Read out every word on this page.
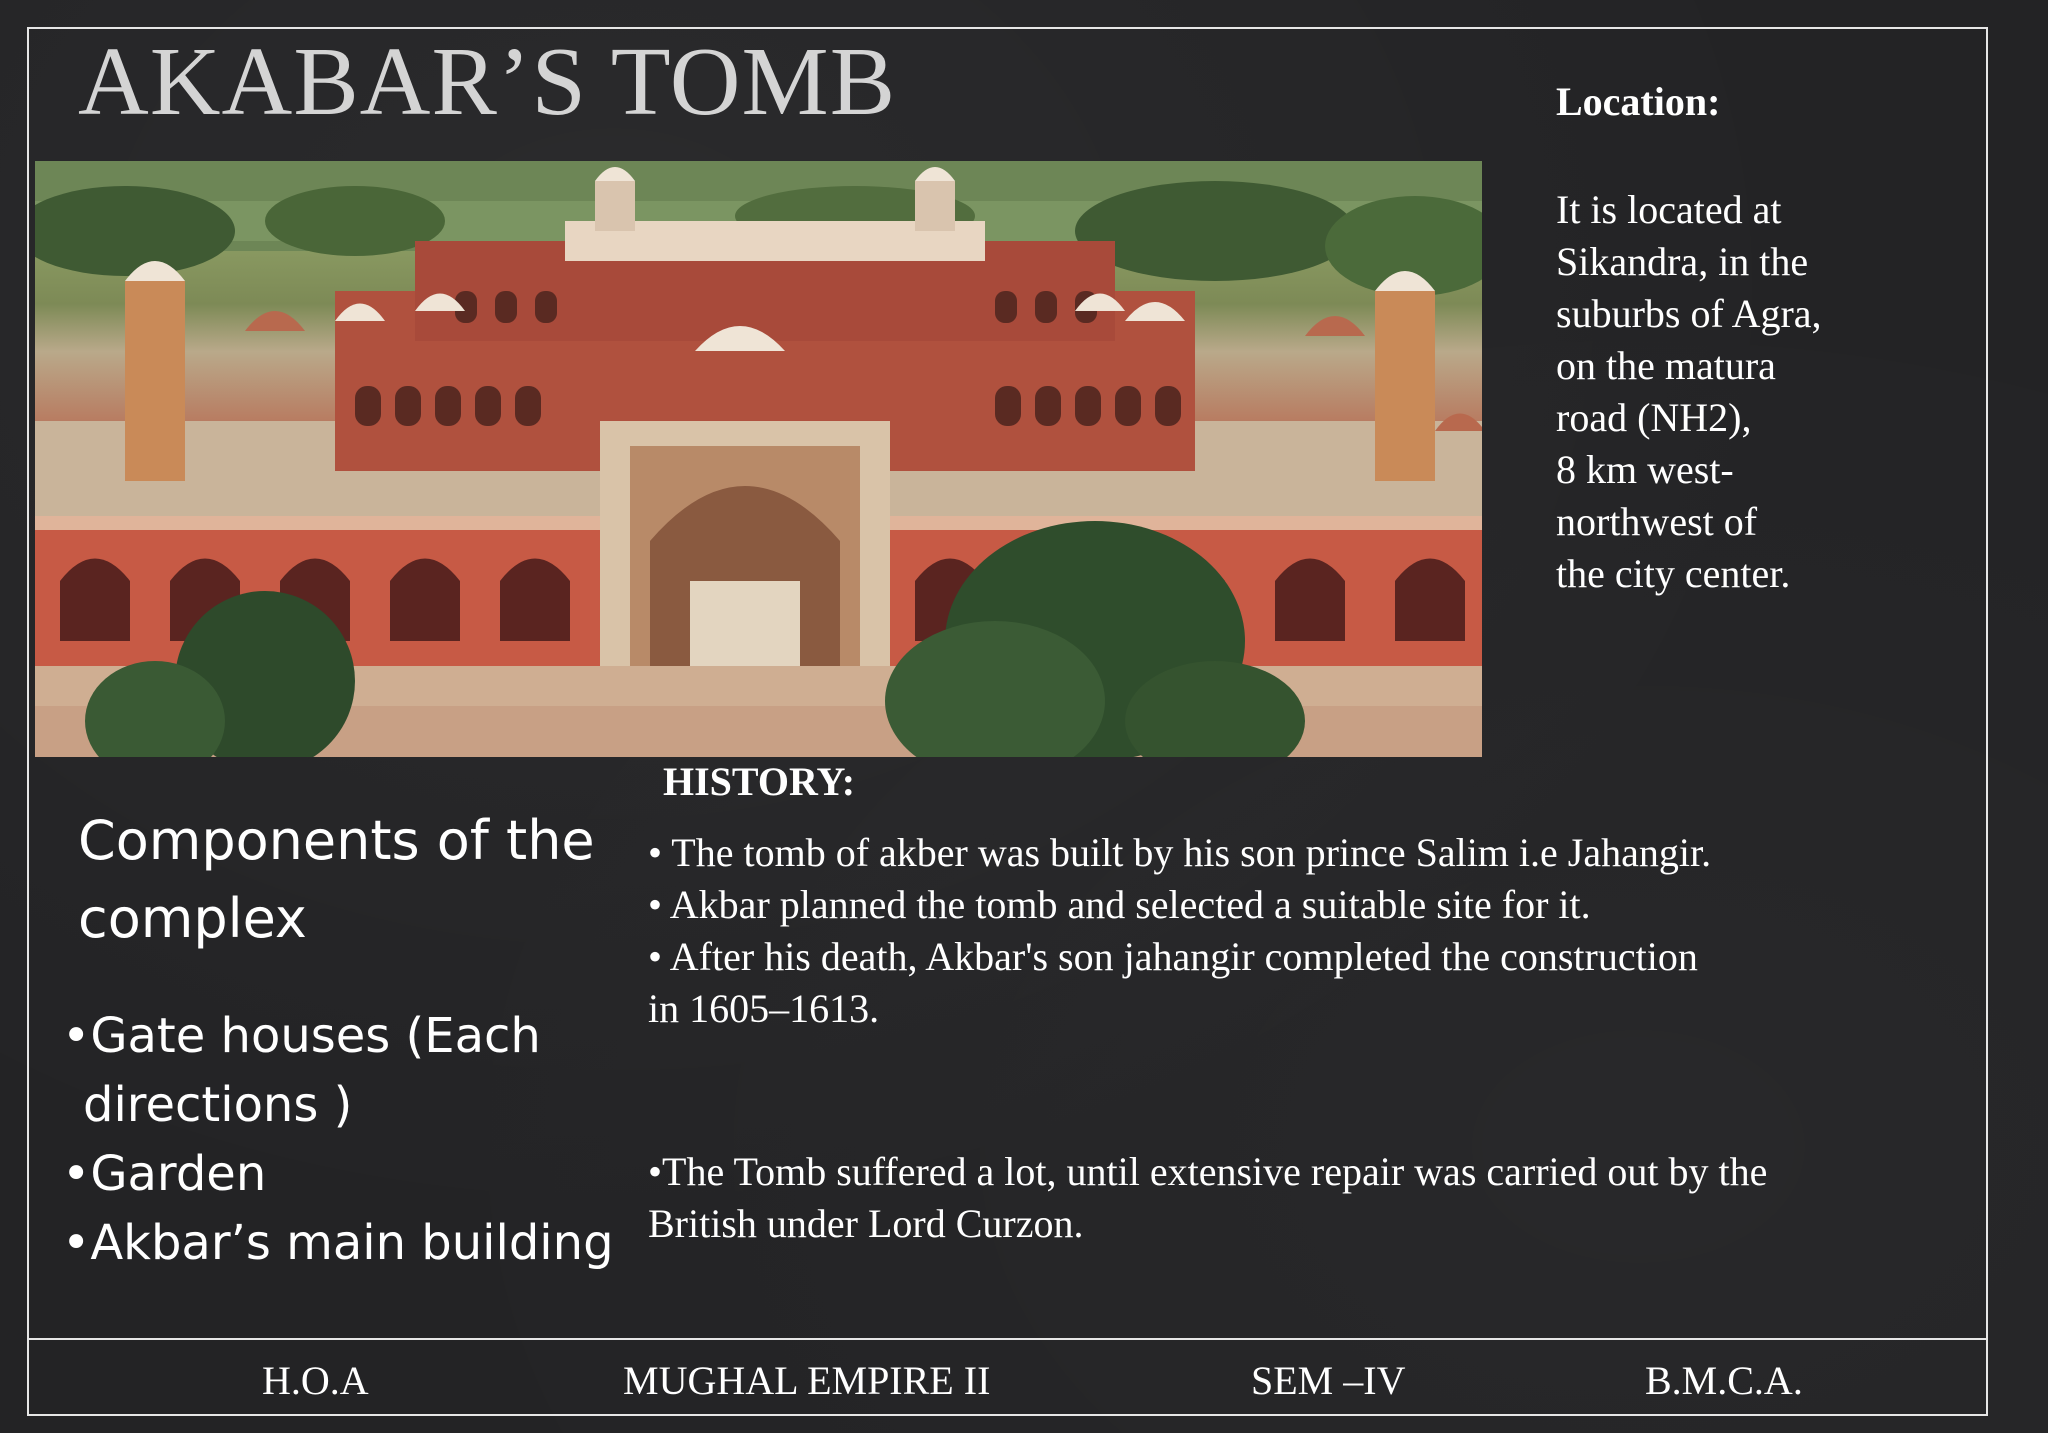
AKABAR’S TOMB	Location:

It is located at
Sikandra, in the
suburbs of Agra,
on the matura
road (NH2),
8 km west-
northwest of
the city center.

HISTORY:

• The tomb of akber was built by his son prince Salim i.e Jahangir.
• Akbar planned the tomb and selected a suitable site for it.
• After his death, Akbar's son jahangir completed the construction
in 1605–1613.

•The Tomb suffered a lot, until extensive repair was carried out by the
British under Lord Curzon.

Components of the
complex
•Gate houses (Each
directions )
•Garden
•Akbar’s main building
H.O.A	MUGHAL EMPIRE II	SEM –IV	B.M.C.A.
